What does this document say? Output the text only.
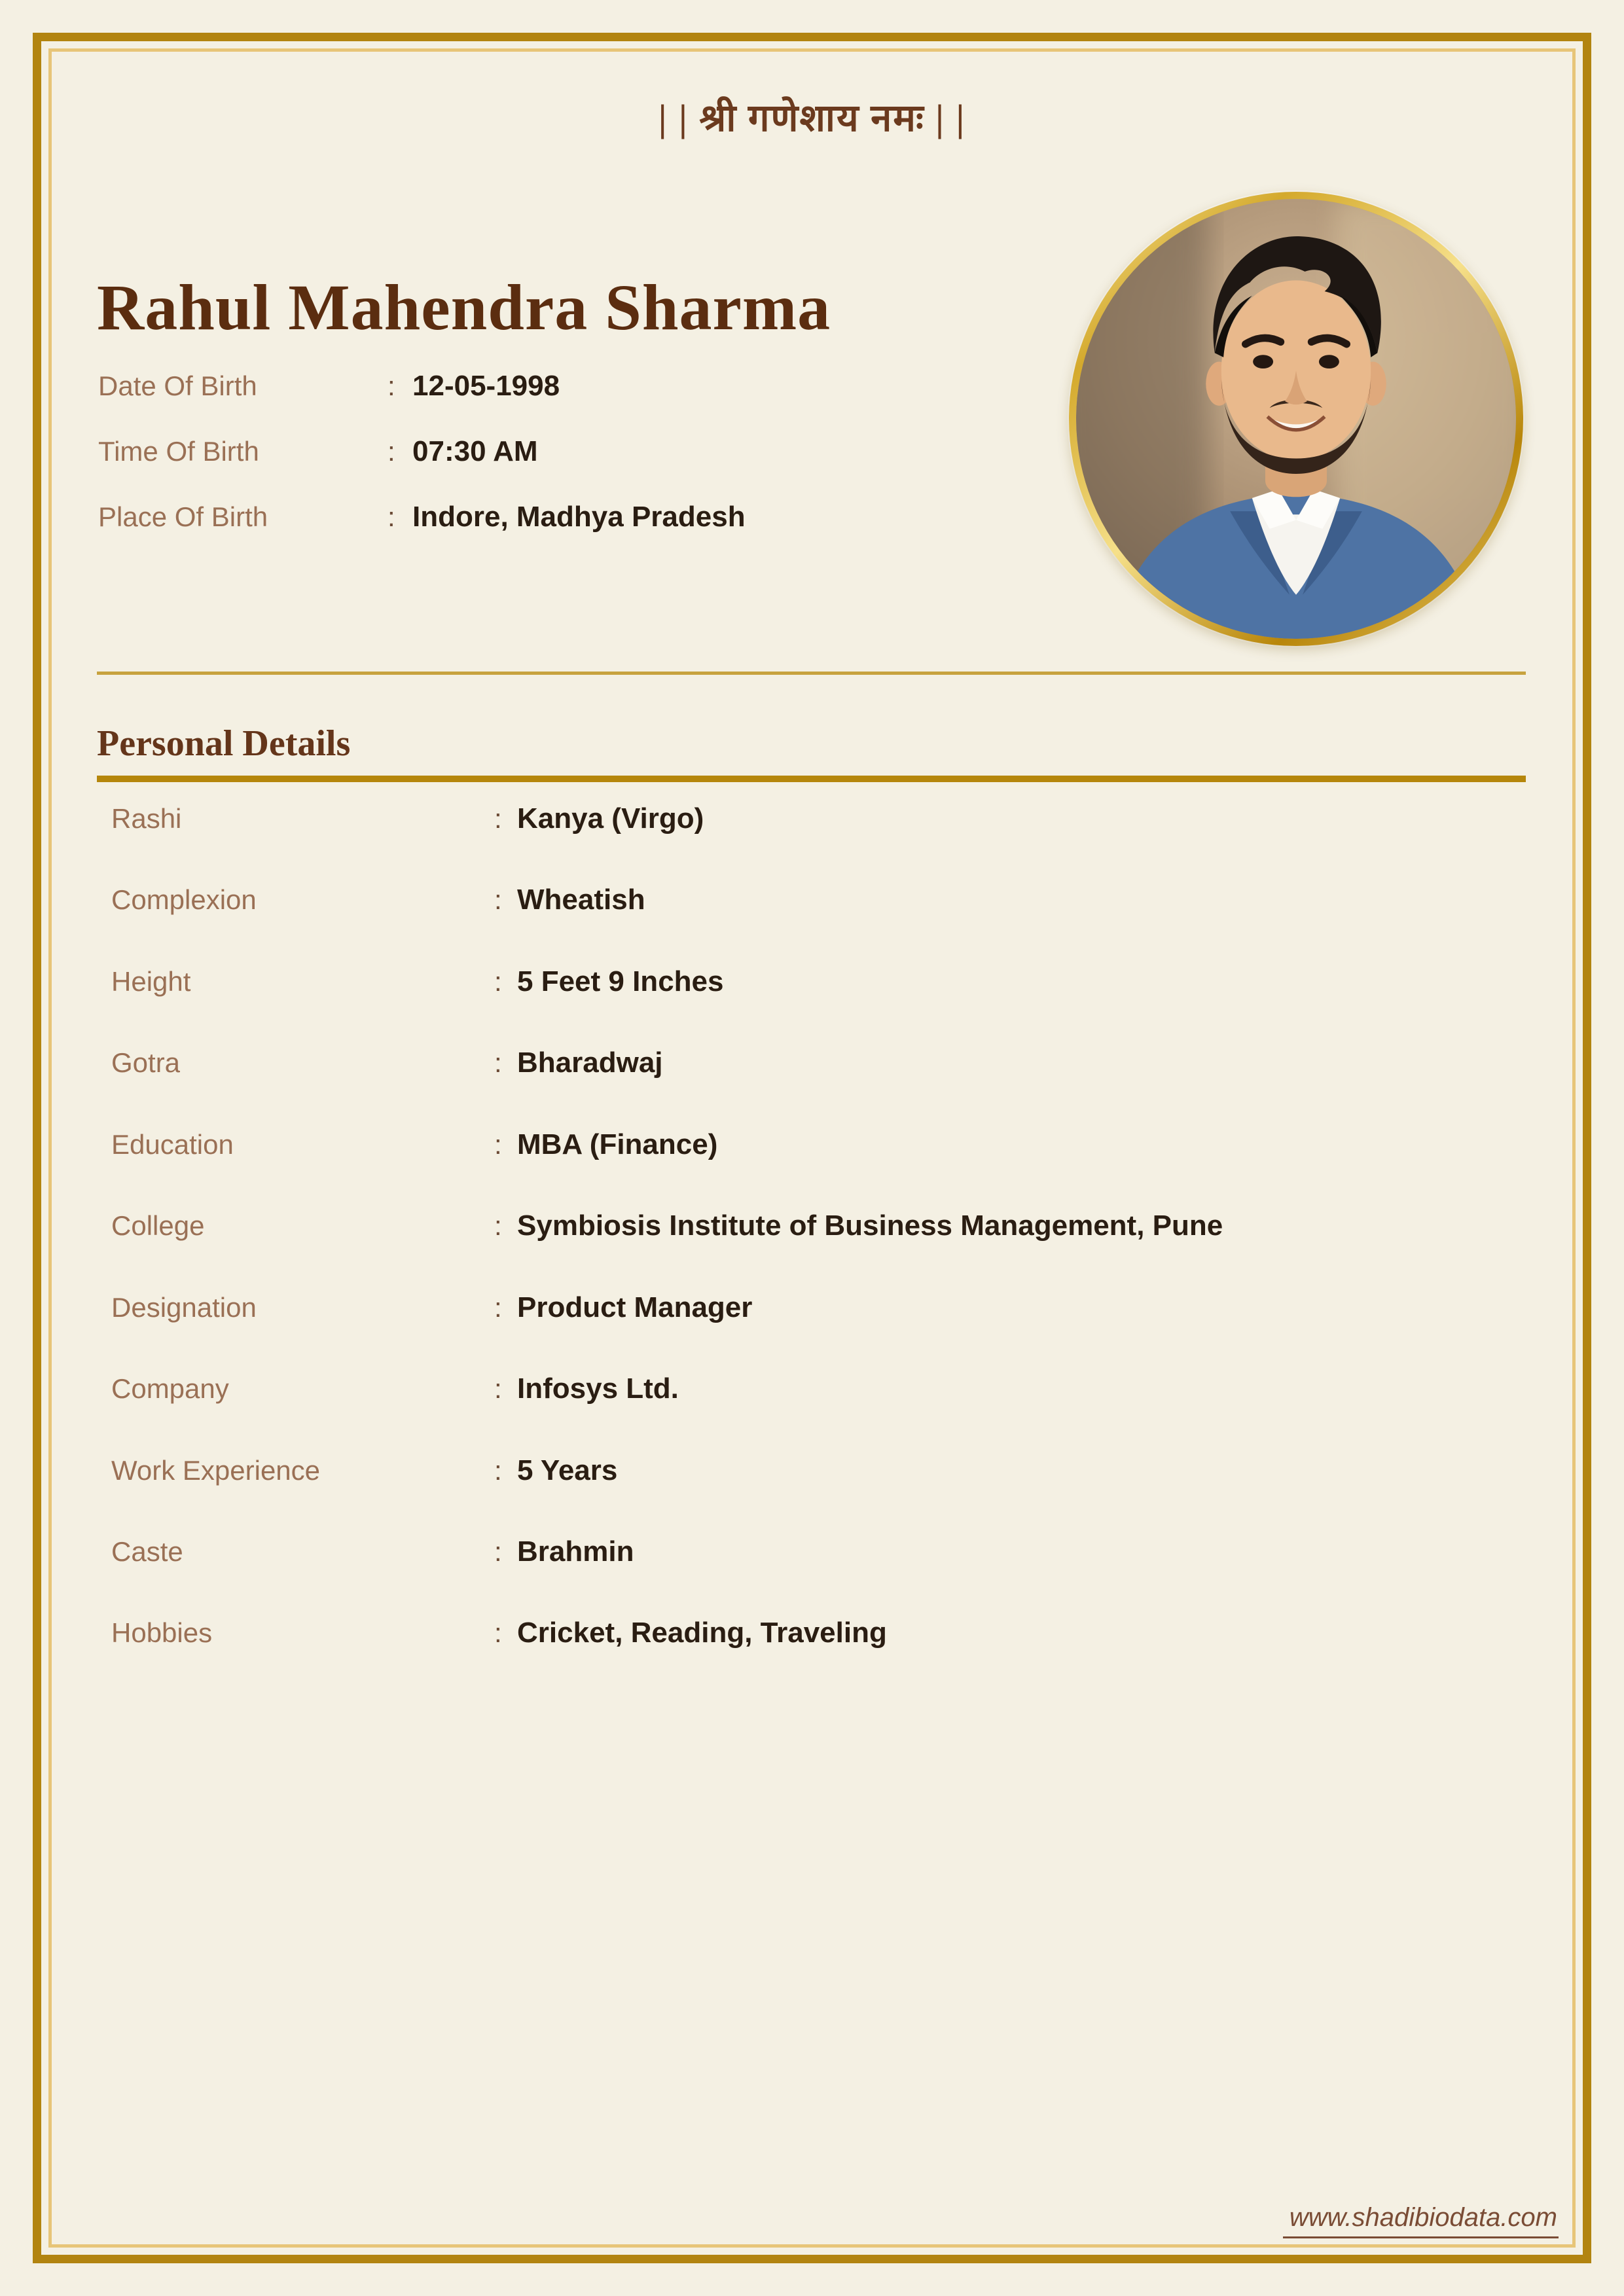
| | श्री गणेशाय नमः | |
Rahul Mahendra Sharma
Date Of Birth	: 12-05-1998
Time Of Birth	: 07:30 AM
Place Of Birth	: Indore, Madhya Pradesh
Personal Details
Rashi	: Kanya (Virgo)
Complexion	: Wheatish
Height	: 5 Feet 9 Inches
Gotra	: Bharadwaj
Education	: MBA (Finance)
College	: Symbiosis Institute of Business Management, Pune
Designation	: Product Manager
Company	: Infosys Ltd.
Work Experience	: 5 Years
Caste	: Brahmin
Hobbies	: Cricket, Reading, Traveling
www.shadibiodata.com
